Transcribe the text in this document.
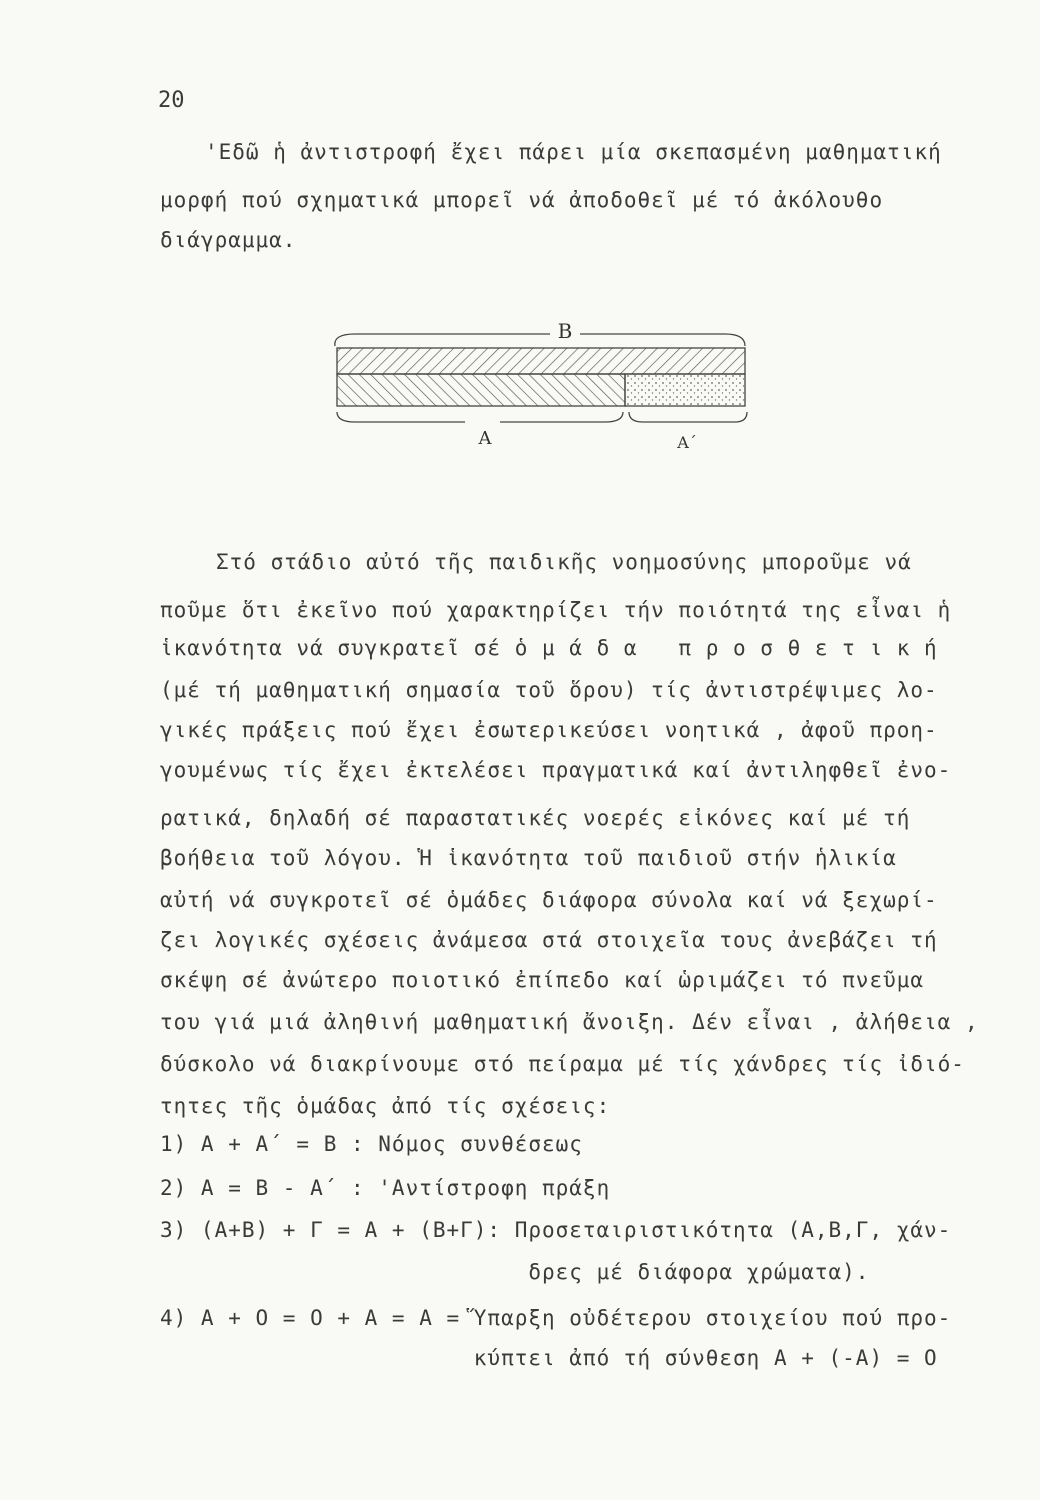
20
'Εδῶ ἡ ἀντιστροφή ἔχει πάρει μία σκεπασμένη μαθηματική
μορφή πού σχηματικά μπορεῖ νά ἀποδοθεῖ μέ τό ἀκόλουθο
διάγραμμα.
B
A	A΄
Στό στάδιο αὐτό τῆς παιδικῆς νοημοσύνης μποροῦμε νά
ποῦμε ὅτι ἐκεῖνο πού χαρακτηρίζει τήν ποιότητά της εἶναι ἡ
ἱκανότητα νά συγκρατεῖ σέ ὁ μ ά δ α   π ρ ο σ θ ε τ ι κ ή
(μέ τή μαθηματική σημασία τοῦ ὅρου) τίς ἀντιστρέψιμες λο-
γικές πράξεις πού ἔχει ἐσωτερικεύσει νοητικά , ἀφοῦ προη-
γουμένως τίς ἔχει ἐκτελέσει πραγματικά καί ἀντιληφθεῖ ἐνο-
ρατικά, δηλαδή σέ παραστατικές νοερές εἰκόνες καί μέ τή
βοήθεια τοῦ λόγου. Ἡ ἱκανότητα τοῦ παιδιοῦ στήν ἡλικία
αὐτή νά συγκροτεῖ σέ ὁμάδες διάφορα σύνολα καί νά ξεχωρί-
ζει λογικές σχέσεις ἀνάμεσα στά στοιχεῖα τους ἀνεβάζει τή
σκέψη σέ ἀνώτερο ποιοτικό ἐπίπεδο καί ὡριμάζει τό πνεῦμα
του γιά μιά ἀληθινή μαθηματική ἄνοιξη. Δέν εἶναι , ἀλήθεια ,
δύσκολο νά διακρίνουμε στό πείραμα μέ τίς χάνδρες τίς ἰδιό-
τητες τῆς ὁμάδας ἀπό τίς σχέσεις:
1) A + A΄ = B : Νόμος συνθέσεως
2) A = B - A΄ : 'Αντίστροφη πράξη
3) (A+B) + Γ = A + (B+Γ): Προσεταιριστικότητα (A,B,Γ, χάν-
δρες μέ διάφορα χρώματα).
4) A + O = O + A = A = Ὕπαρξη οὐδέτερου στοιχείου πού προ-
κύπτει ἀπό τή σύνθεση A + (-A) = O
